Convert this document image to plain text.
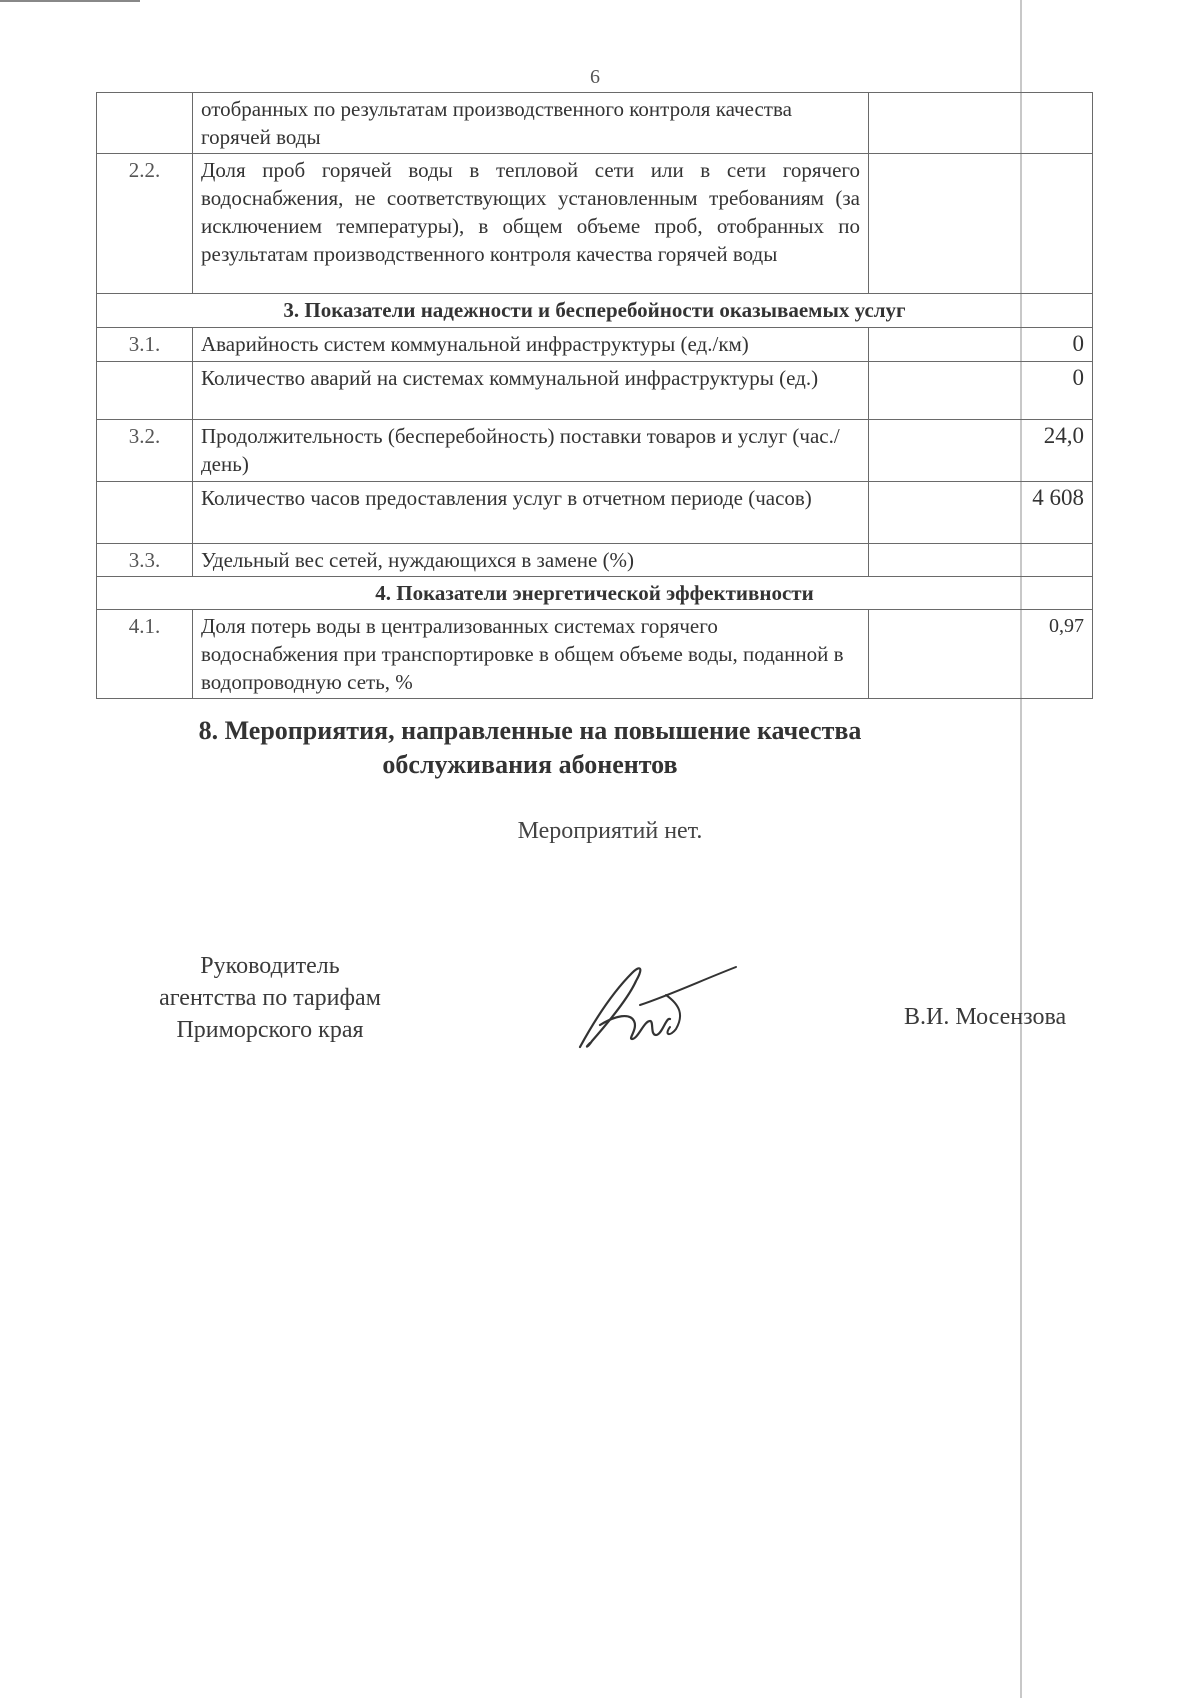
6
	отобранных по результатам производственного контроля качества горячей воды	
2.2.	Доля проб горячей воды в тепловой сети или в сети горячего водоснабжения, не соответствующих установленным требованиям (за исключением температуры), в общем объеме проб, отобранных по результатам производственного контроля качества горячей воды	
3. Показатели надежности и бесперебойности оказываемых услуг		
3.1.	Аварийность систем коммунальной инфраструктуры (ед./км)	0
	Количество аварий на системах коммунальной инфраструктуры (ед.)	0
3.2.	Продолжительность (бесперебойность) поставки товаров и услуг (час./день)	24,0
	Количество часов предоставления услуг в отчетном периоде (часов)	4 608
3.3.	Удельный вес сетей, нуждающихся в замене (%)	
4. Показатели энергетической эффективности		
4.1.	Доля потерь воды в централизованных системах горячего водоснабжения при транспортировке в общем объеме воды, поданной в водопроводную сеть, %	0,97
8. Мероприятия, направленные на повышение качества обслуживания абонентов
Мероприятий нет.
Руководитель
агентства по тарифам
Приморского края	В.И. Мосензова
